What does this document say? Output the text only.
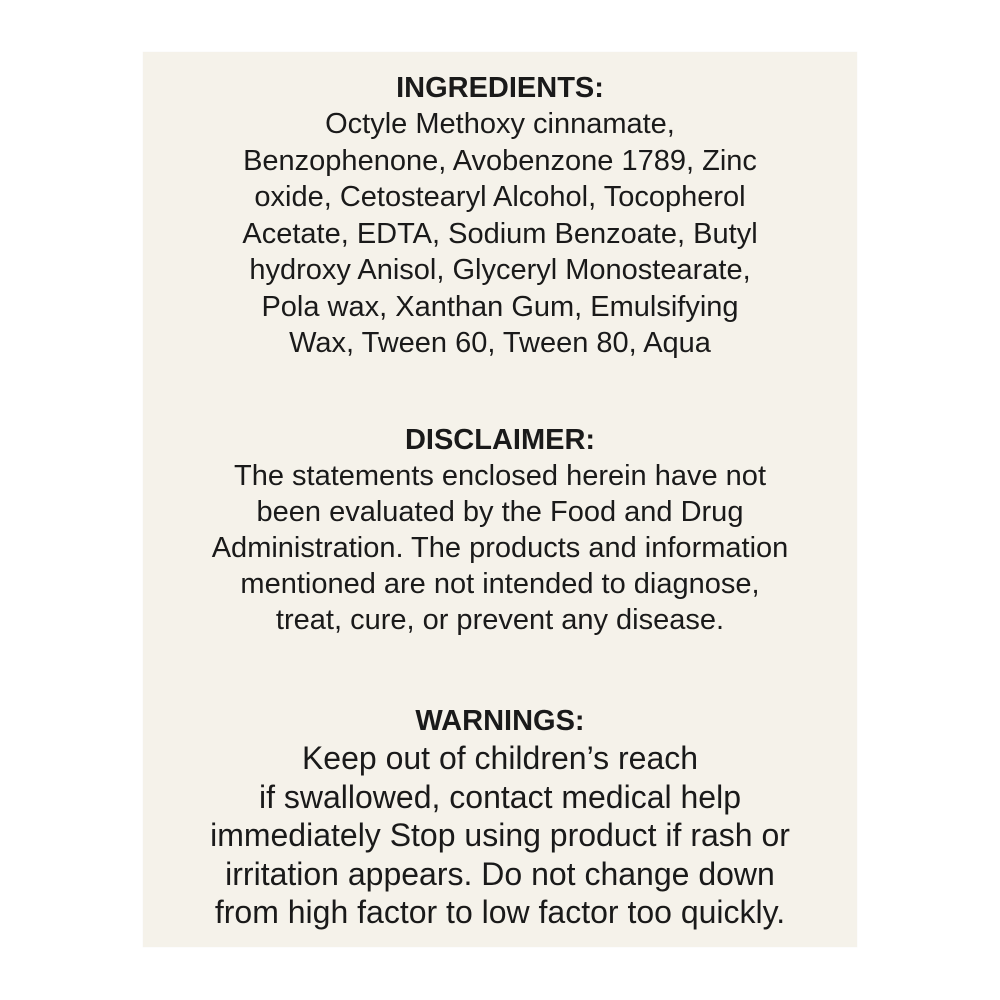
INGREDIENTS:
Octyle Methoxy cinnamate,
Benzophenone, Avobenzone 1789, Zinc
oxide, Cetostearyl Alcohol, Tocopherol
Acetate, EDTA, Sodium Benzoate, Butyl
hydroxy Anisol, Glyceryl Monostearate,
Pola wax, Xanthan Gum, Emulsifying
Wax, Tween 60, Tween 80, Aqua
DISCLAIMER:
The statements enclosed herein have not
been evaluated by the Food and Drug
Administration. The products and information
mentioned are not intended to diagnose,
treat, cure, or prevent any disease.
WARNINGS:
Keep out of children’s reach
if swallowed, contact medical help
immediately Stop using product if rash or
irritation appears. Do not change down
from high factor to low factor too quickly.
